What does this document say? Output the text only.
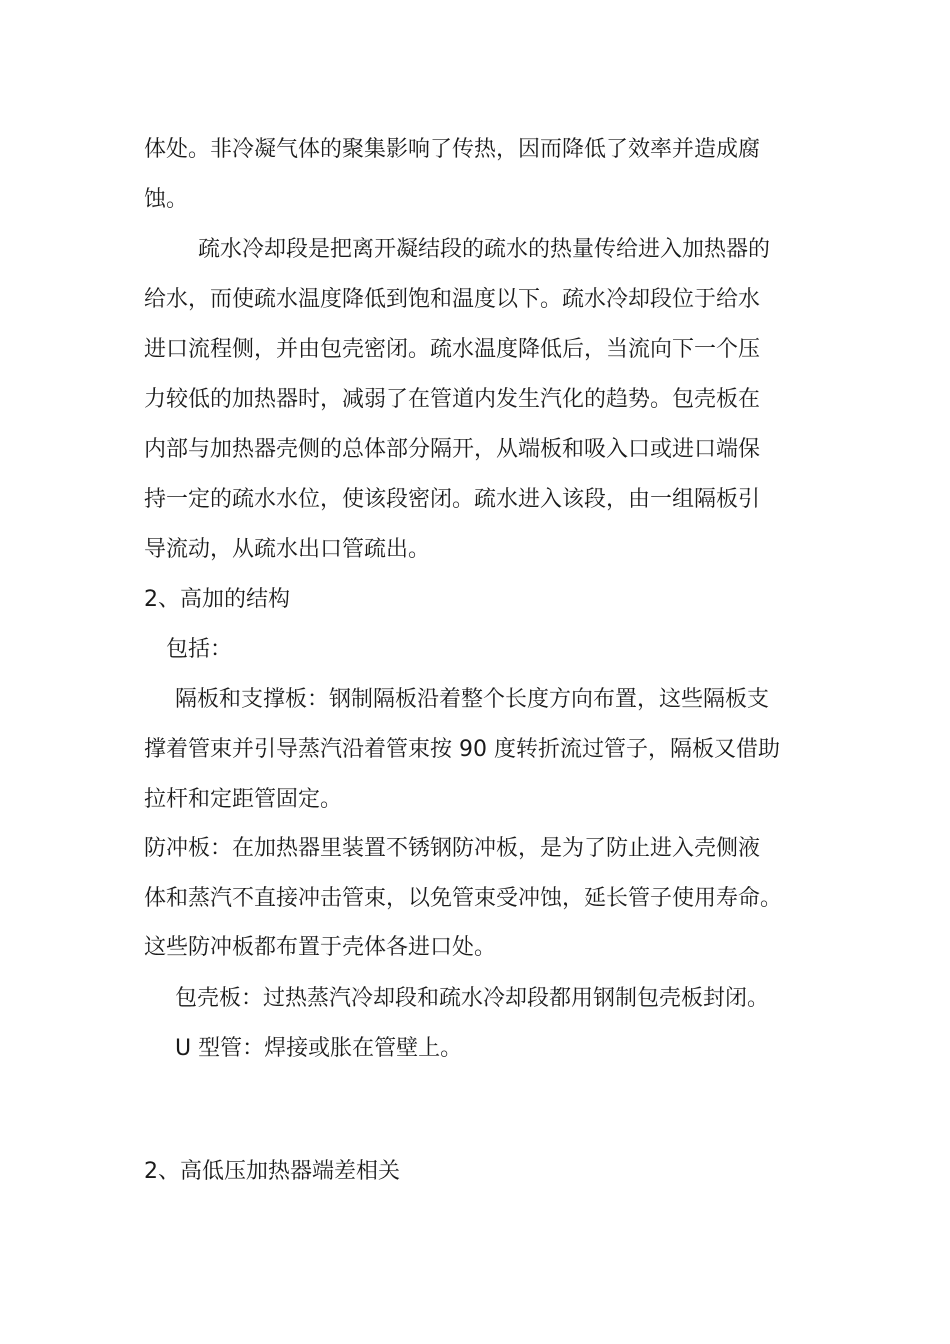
体处。非冷凝气体的聚集影响了传热，因而降低了效率并造成腐
蚀。
疏水冷却段是把离开凝结段的疏水的热量传给进入加热器的
给水，而使疏水温度降低到饱和温度以下。疏水冷却段位于给水
进口流程侧，并由包壳密闭。疏水温度降低后，当流向下一个压
力较低的加热器时，减弱了在管道内发生汽化的趋势。包壳板在
内部与加热器壳侧的总体部分隔开，从端板和吸入口或进口端保
持一定的疏水水位，使该段密闭。疏水进入该段，由一组隔板引
导流动，从疏水出口管疏出。
2、高加的结构
包括：
隔板和支撑板：钢制隔板沿着整个长度方向布置，这些隔板支
撑着管束并引导蒸汽沿着管束按 90 度转折流过管子，隔板又借助
拉杆和定距管固定。
防冲板：在加热器里装置不锈钢防冲板，是为了防止进入壳侧液
体和蒸汽不直接冲击管束，以免管束受冲蚀，延长管子使用寿命。
这些防冲板都布置于壳体各进口处。
包壳板：过热蒸汽冷却段和疏水冷却段都用钢制包壳板封闭。
U 型管：焊接或胀在管壁上。
2、高低压加热器端差相关
